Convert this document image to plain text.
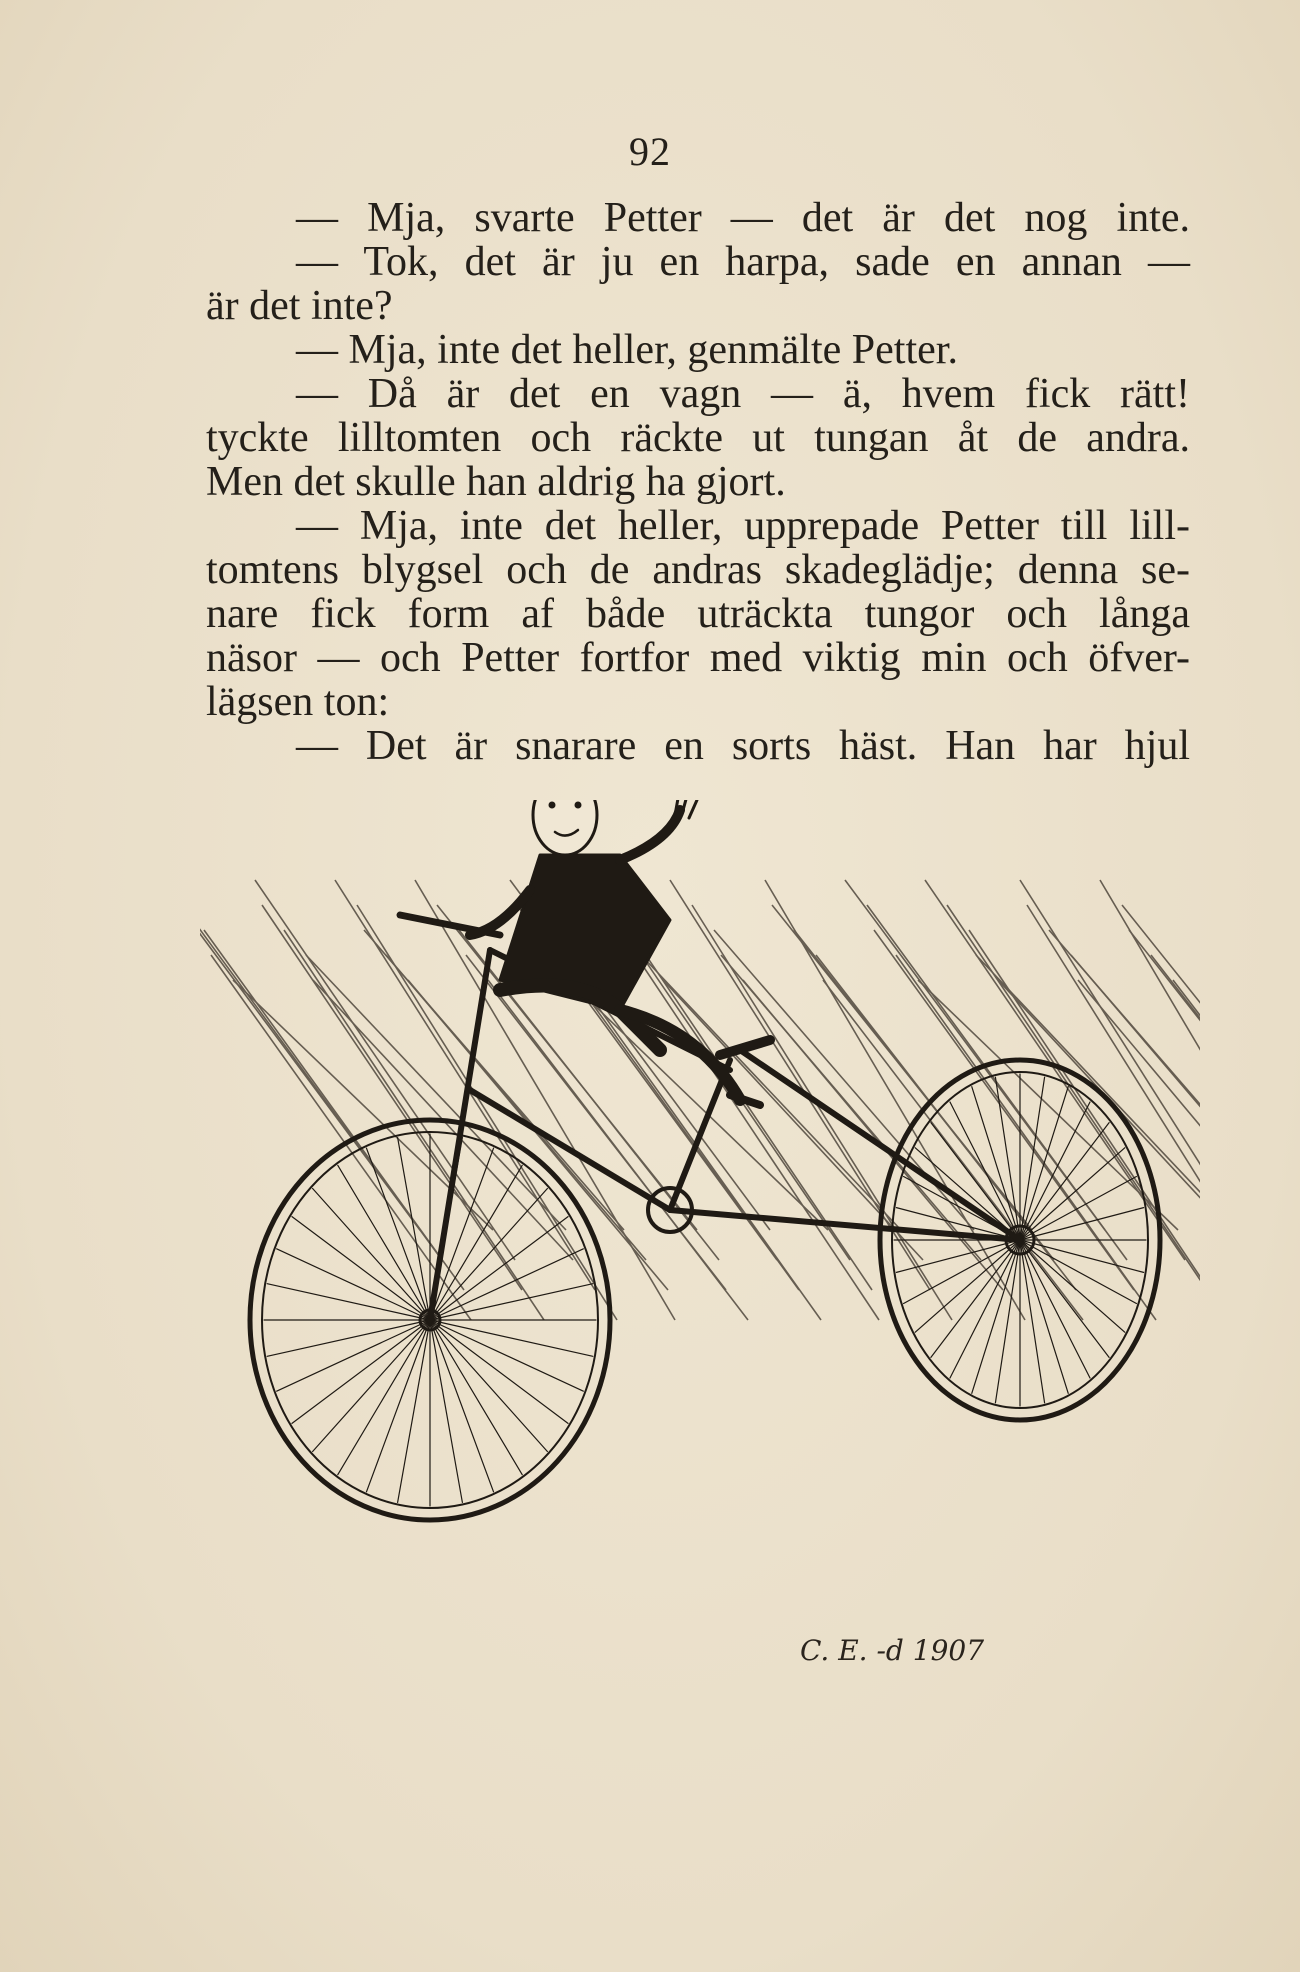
92
— Mja, svarte Petter — det är det nog inte.
— Tok, det är ju en harpa, sade en annan —
är det inte?
— Mja, inte det heller, genmälte Petter.
— Då är det en vagn — ä, hvem fick rätt!
tyckte lilltomten och räckte ut tungan åt de andra.
Men det skulle han aldrig ha gjort.
— Mja, inte det heller, upprepade Petter till lill-
tomtens blygsel och de andras skadeglädje; denna se-
nare fick form af både uträckta tungor och långa
näsor — och Petter fortfor med viktig min och öfver-
lägsen ton:
— Det är snarare en sorts häst. Han har hjul
C. E. -d 1907
